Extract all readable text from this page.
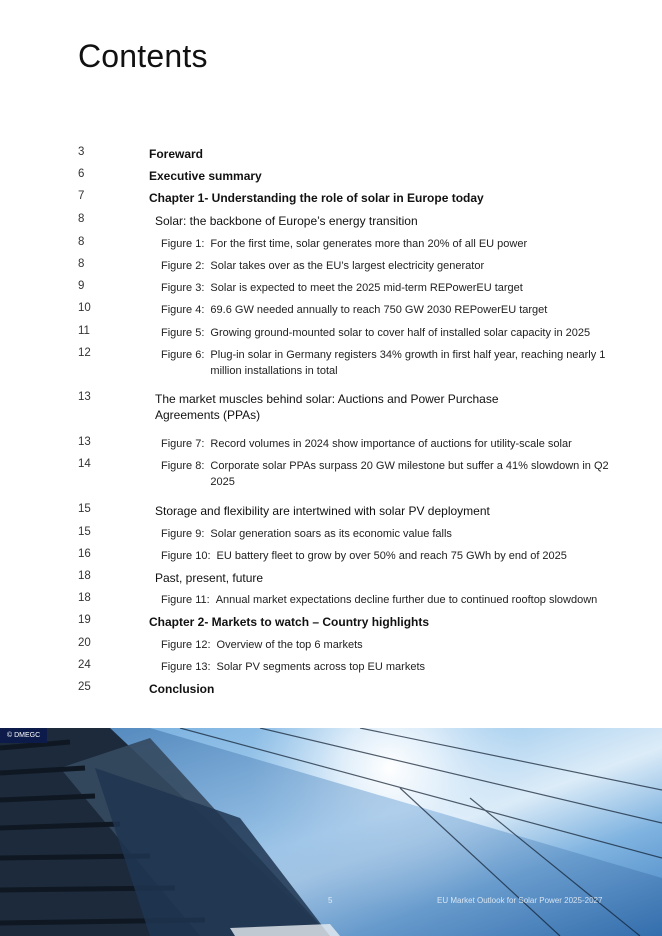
Contents
3	Foreward
6	Executive summary
7	Chapter 1- Understanding the role of solar in Europe today
8	Solar: the backbone of Europe’s energy transition
8	Figure 1: For the first time, solar generates more than 20% of all EU power
8	Figure 2: Solar takes over as the EU’s largest electricity generator
9	Figure 3: Solar is expected to meet the 2025 mid-term REPowerEU target
10	Figure 4: 69.6 GW needed annually to reach 750 GW 2030 REPowerEU target
11	Figure 5: Growing ground-mounted solar to cover half of installed solar capacity in 2025
12	Figure 6: Plug-in solar in Germany registers 34% growth in first half year, reaching nearly 1 million installations in total
13	The market muscles behind solar: Auctions and Power Purchase Agreements (PPAs)
13	Figure 7: Record volumes in 2024 show importance of auctions for utility-scale solar
14	Figure 8: Corporate solar PPAs surpass 20 GW milestone but suffer a 41% slowdown in Q2 2025
15	Storage and flexibility are intertwined with solar PV deployment
15	Figure 9: Solar generation soars as its economic value falls
16	Figure 10: EU battery fleet to grow by over 50% and reach 75 GWh by end of 2025
18	Past, present, future
18	Figure 11: Annual market expectations decline further due to continued rooftop slowdown
19	Chapter 2- Markets to watch – Country highlights
20	Figure 12: Overview of the top 6 markets
24	Figure 13: Solar PV segments across top EU markets
25	Conclusion
© DMEGC
5	EU Market Outlook for Solar Power 2025-2027
